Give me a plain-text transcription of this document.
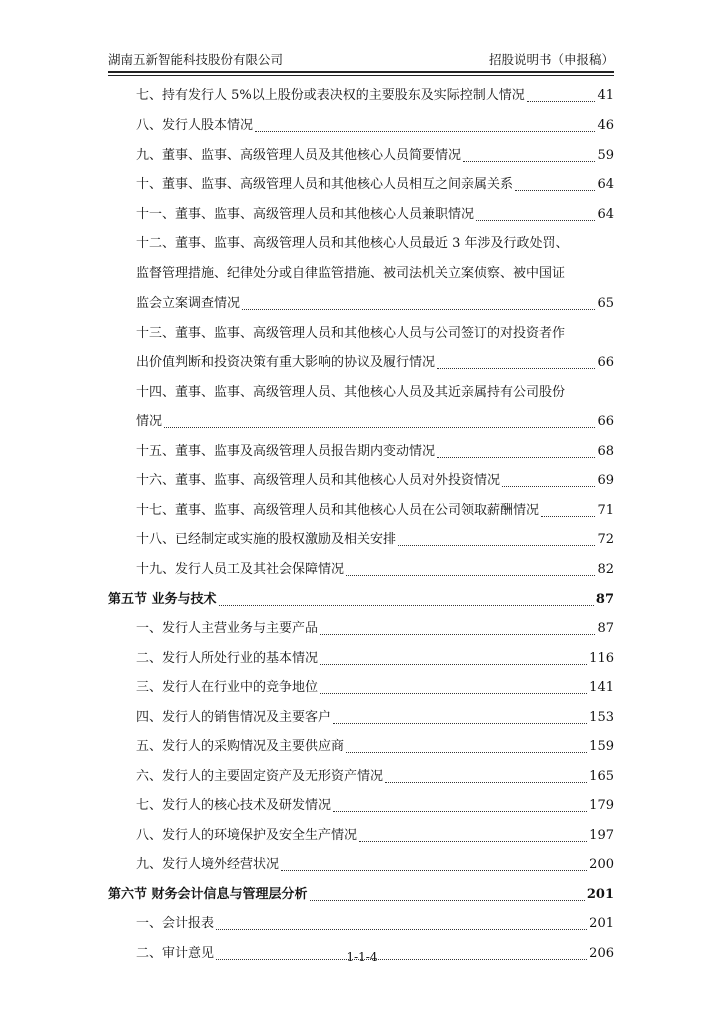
湖南五新智能科技股份有限公司	招股说明书（申报稿）
七、持有发行人 5%以上股份或表决权的主要股东及实际控制人情况	41
八、发行人股本情况	46
九、董事、监事、高级管理人员及其他核心人员简要情况	59
十、董事、监事、高级管理人员和其他核心人员相互之间亲属关系	64
十一、董事、监事、高级管理人员和其他核心人员兼职情况	64
十二、董事、监事、高级管理人员和其他核心人员最近 3 年涉及行政处罚、
监督管理措施、纪律处分或自律监管措施、被司法机关立案侦察、被中国证
监会立案调查情况	65
十三、董事、监事、高级管理人员和其他核心人员与公司签订的对投资者作
出价值判断和投资决策有重大影响的协议及履行情况	66
十四、董事、监事、高级管理人员、其他核心人员及其近亲属持有公司股份
情况	66
十五、董事、监事及高级管理人员报告期内变动情况	68
十六、董事、监事、高级管理人员和其他核心人员对外投资情况	69
十七、董事、监事、高级管理人员和其他核心人员在公司领取薪酬情况	71
十八、已经制定或实施的股权激励及相关安排	72
十九、发行人员工及其社会保障情况	82
第五节 业务与技术	87
一、发行人主营业务与主要产品	87
二、发行人所处行业的基本情况	116
三、发行人在行业中的竞争地位	141
四、发行人的销售情况及主要客户	153
五、发行人的采购情况及主要供应商	159
六、发行人的主要固定资产及无形资产情况	165
七、发行人的核心技术及研发情况	179
八、发行人的环境保护及安全生产情况	197
九、发行人境外经营状况	200
第六节 财务会计信息与管理层分析	201
一、会计报表	201
二、审计意见	206
1-1-4
